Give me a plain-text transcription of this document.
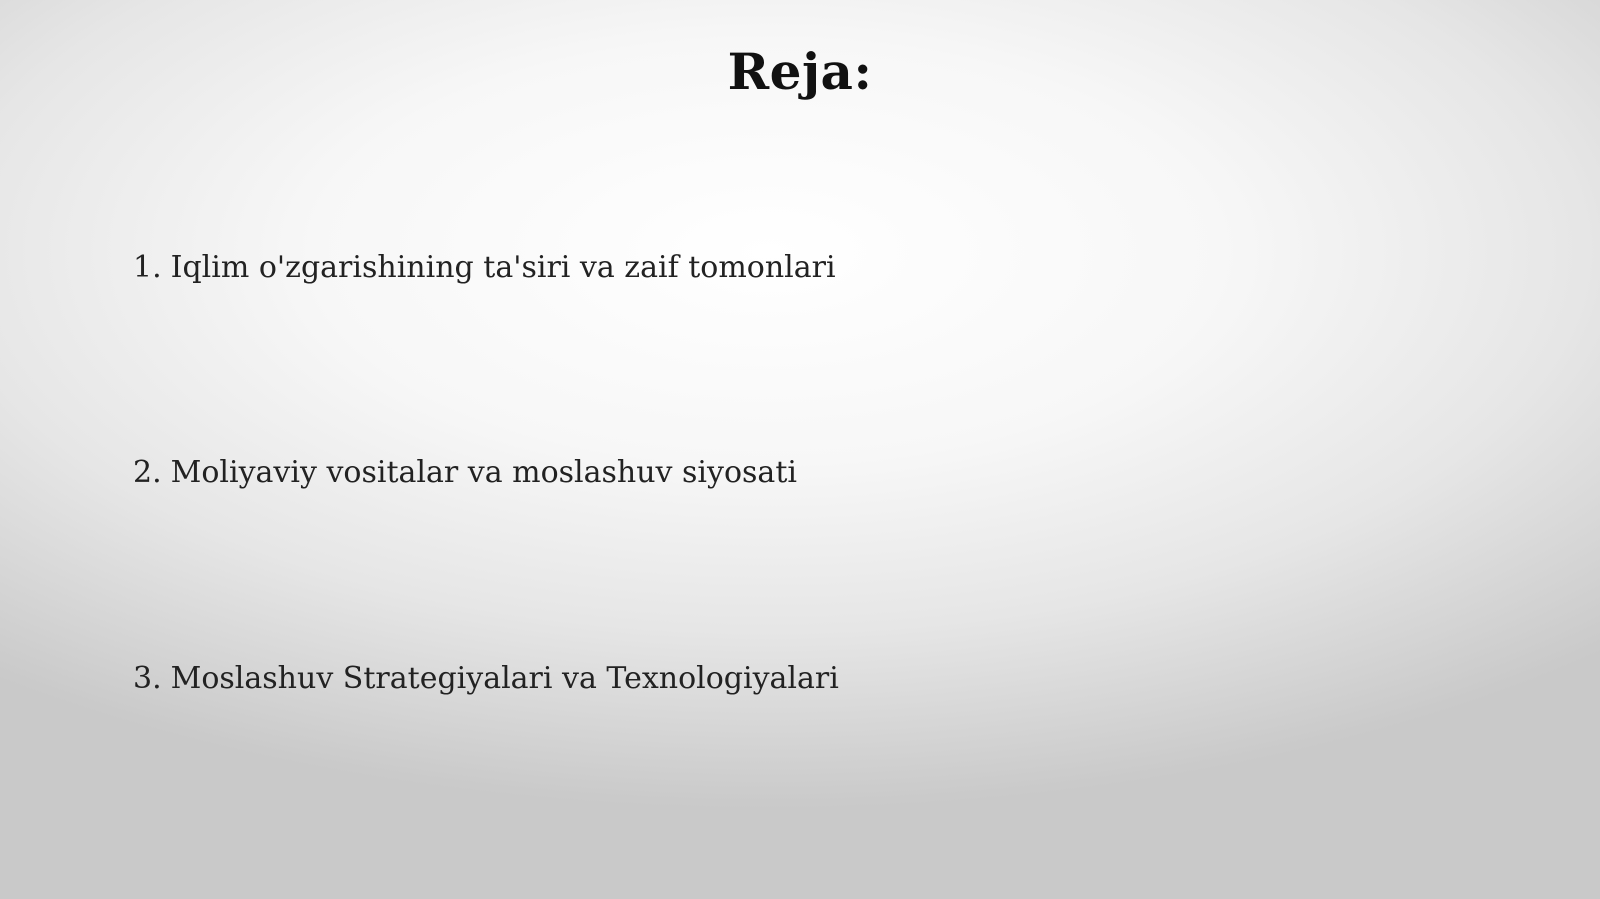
Reja:
1. Iqlim o'zgarishining ta'siri va zaif tomonlari
2. Moliyaviy vositalar va moslashuv siyosati
3. Moslashuv Strategiyalari va Texnologiyalari
